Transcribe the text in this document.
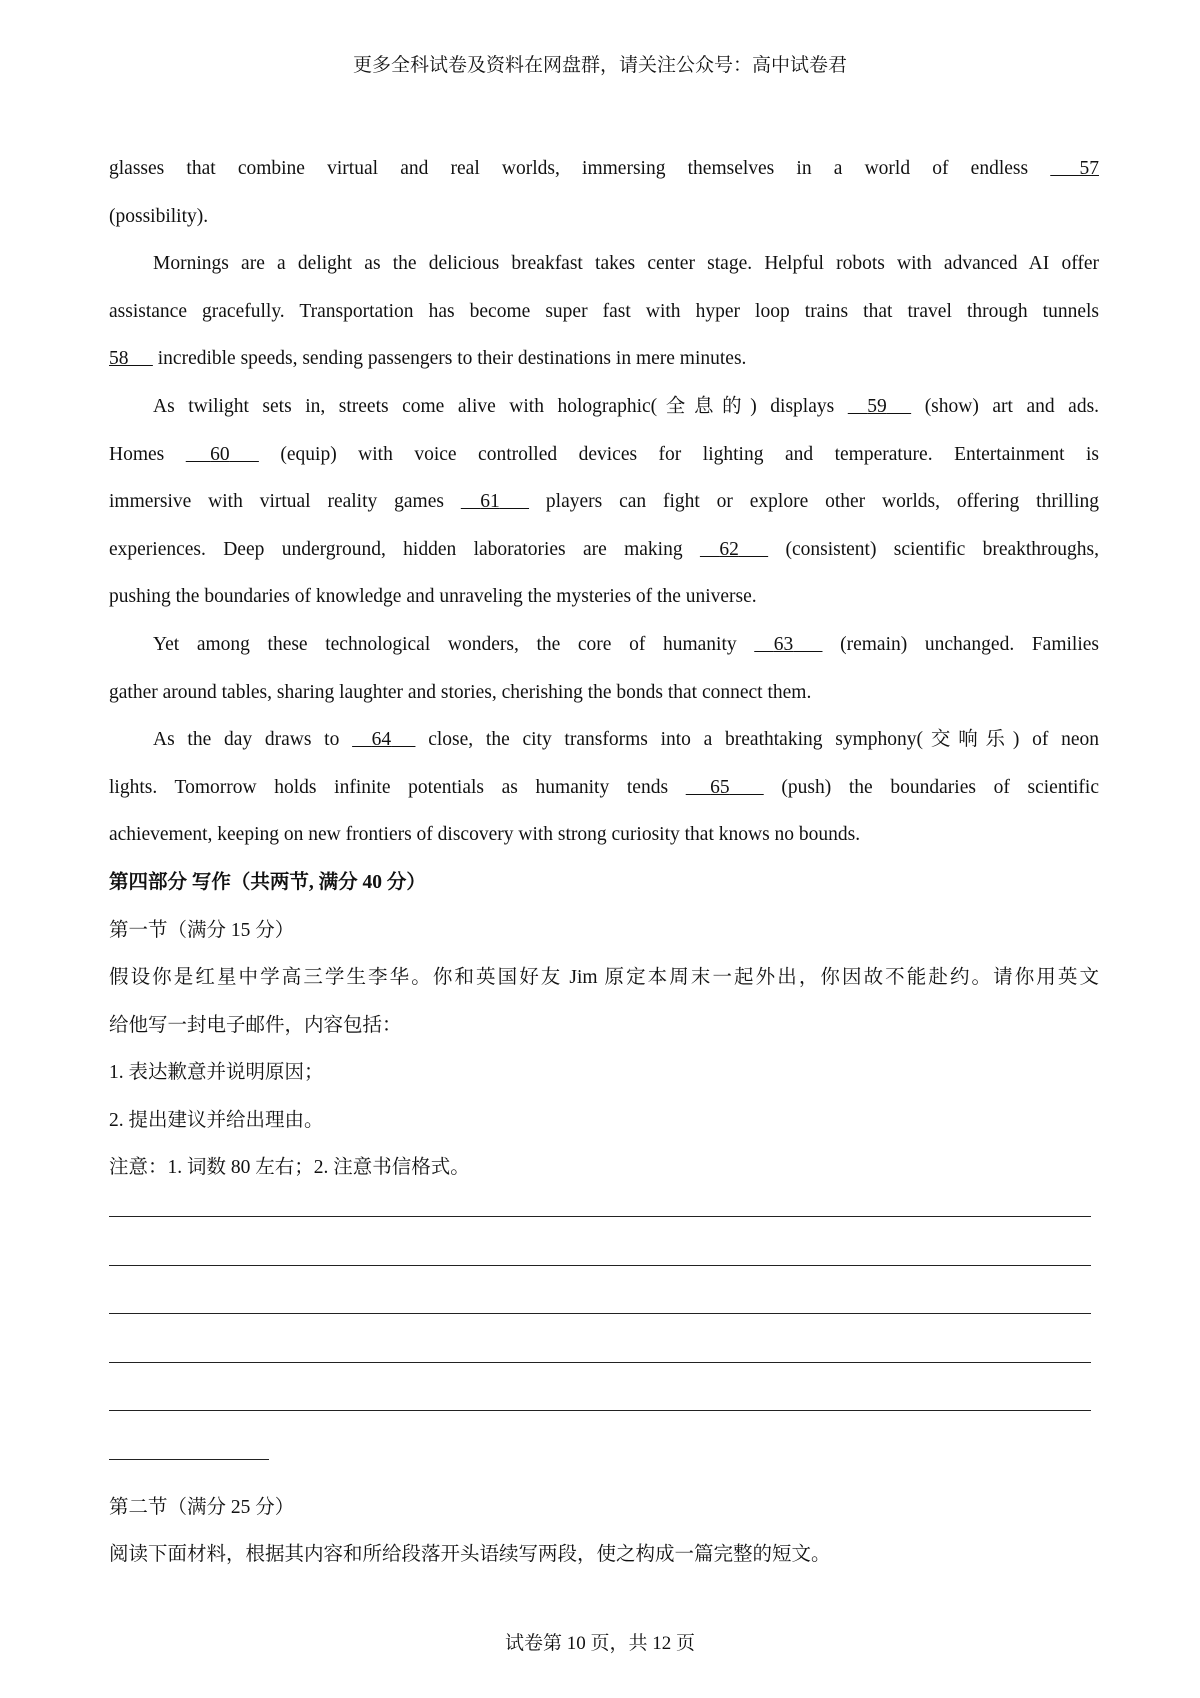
更多全科试卷及资料在网盘群，请关注公众号：高中试卷君
glasses that combine virtual and real worlds, immersing themselves in a world of endless	57
(possibility).
Mornings are a delight as the delicious breakfast takes center stage. Helpful robots with advanced AI offer
assistance gracefully. Transportation has become super fast with hyper loop trains that travel through tunnels
58 incredible speeds, sending passengers to their destinations in mere minutes.
As twilight sets in, streets come alive with holographic(全息的) displays 59 (show) art and ads.
Homes 60	(equip) with voice controlled devices for lighting and temperature. Entertainment is
immersive with virtual reality games 61 players can fight or explore other worlds, offering thrilling
experiences. Deep underground, hidden laboratories are making 62 (consistent) scientific breakthroughs,
pushing the boundaries of knowledge and unraveling the mysteries of the universe.
Yet among these technological wonders, the core of humanity 63 (remain) unchanged. Families
gather around tables, sharing laughter and stories, cherishing the bonds that connect them.
As the day draws to 64 close, the city transforms into a breathtaking symphony(交响乐) of neon
lights. Tomorrow holds infinite potentials as humanity tends 65	(push) the boundaries of scientific
achievement, keeping on new frontiers of discovery with strong curiosity that knows no bounds.
第四部分 写作（共两节, 满分 40 分）
第一节（满分 15 分）
假设你是红星中学高三学生李华。你和英国好友 Jim 原定本周末一起外出，你因故不能赴约。请你用英文
给他写一封电子邮件，内容包括：
1. 表达歉意并说明原因；
2. 提出建议并给出理由。
注意：1. 词数 80 左右；2. 注意书信格式。
第二节（满分 25 分）
阅读下面材料，根据其内容和所给段落开头语续写两段，使之构成一篇完整的短文。
试卷第 10 页，共 12 页
